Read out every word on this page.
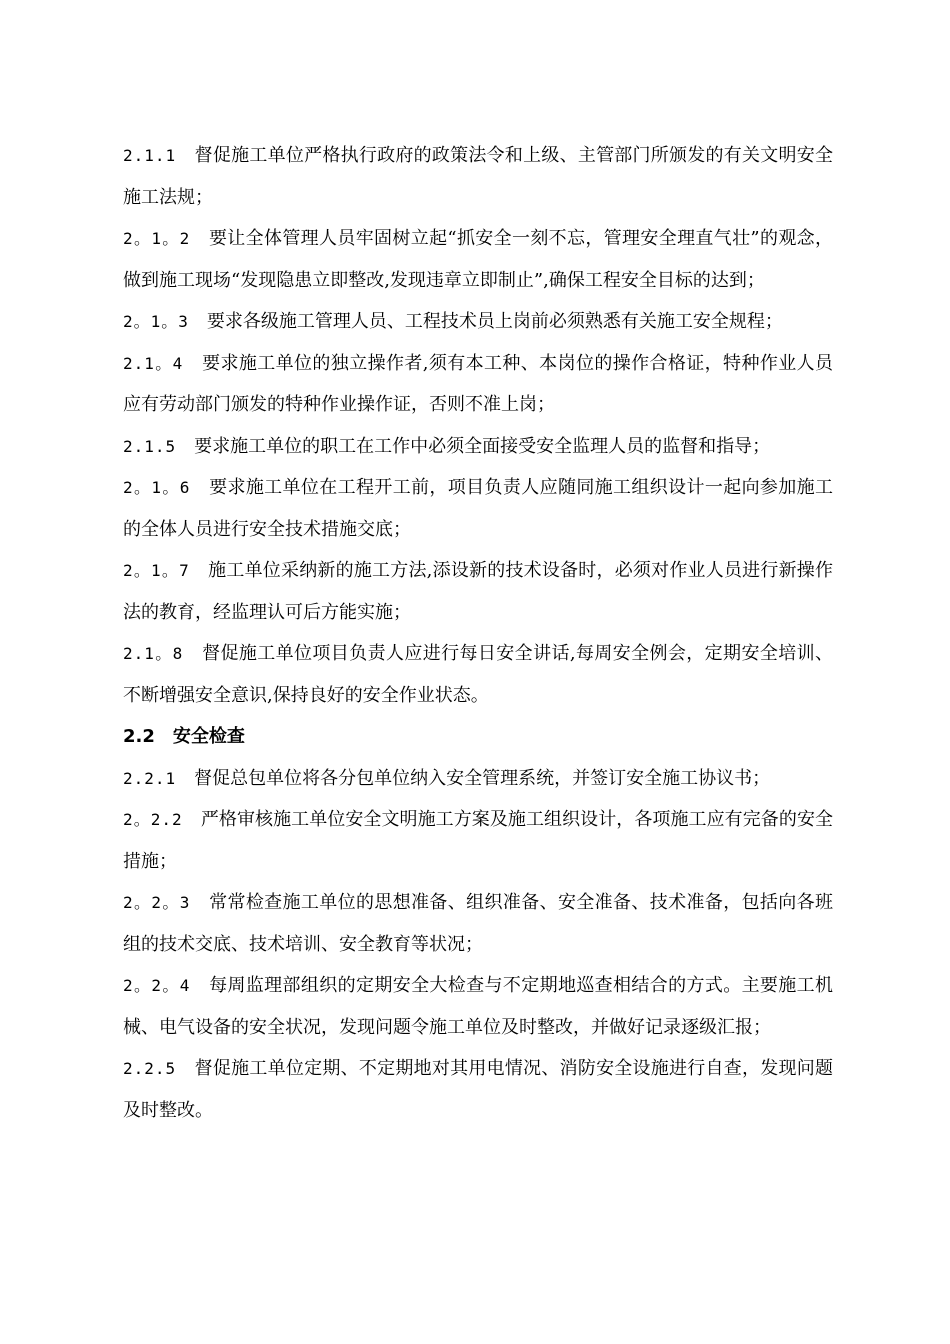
2.1.1　 督促施工单位严格执行政府的政策法令和上级、主管部门所颁发的有关文明安全施工法规；

2。1。2　 要让全体管理人员牢固树立起“抓安全一刻不忘，管理安全理直气壮”的观念，做到施工现场“发现隐患立即整改,发现违章立即制止”,确保工程安全目标的达到；

2。1。3　 要求各级施工管理人员、工程技术员上岗前必须熟悉有关施工安全规程；

2.1。4　 要求施工单位的独立操作者,须有本工种、本岗位的操作合格证，特种作业人员应有劳动部门颁发的特种作业操作证，否则不准上岗；

2.1.5　 要求施工单位的职工在工作中必须全面接受安全监理人员的监督和指导；

2。1。6　 要求施工单位在工程开工前，项目负责人应随同施工组织设计一起向参加施工的全体人员进行安全技术措施交底；

2。1。7　 施工单位采纳新的施工方法,添设新的技术设备时，必须对作业人员进行新操作法的教育，经监理认可后方能实施；

2.1。8　 督促施工单位项目负责人应进行每日安全讲话,每周安全例会，定期安全培训、不断增强安全意识,保持良好的安全作业状态。

2.2　 安全检查

2.2.1　 督促总包单位将各分包单位纳入安全管理系统，并签订安全施工协议书；

2。2.2　 严格审核施工单位安全文明施工方案及施工组织设计，各项施工应有完备的安全措施；

2。2。3　 常常检查施工单位的思想准备、组织准备、安全准备、技术准备，包括向各班组的技术交底、技术培训、安全教育等状况；

2。2。4　 每周监理部组织的定期安全大检查与不定期地巡查相结合的方式。主要施工机械、电气设备的安全状况，发现问题令施工单位及时整改，并做好记录逐级汇报；

2.2.5　 督促施工单位定期、不定期地对其用电情况、消防安全设施进行自查，发现问题及时整改。
